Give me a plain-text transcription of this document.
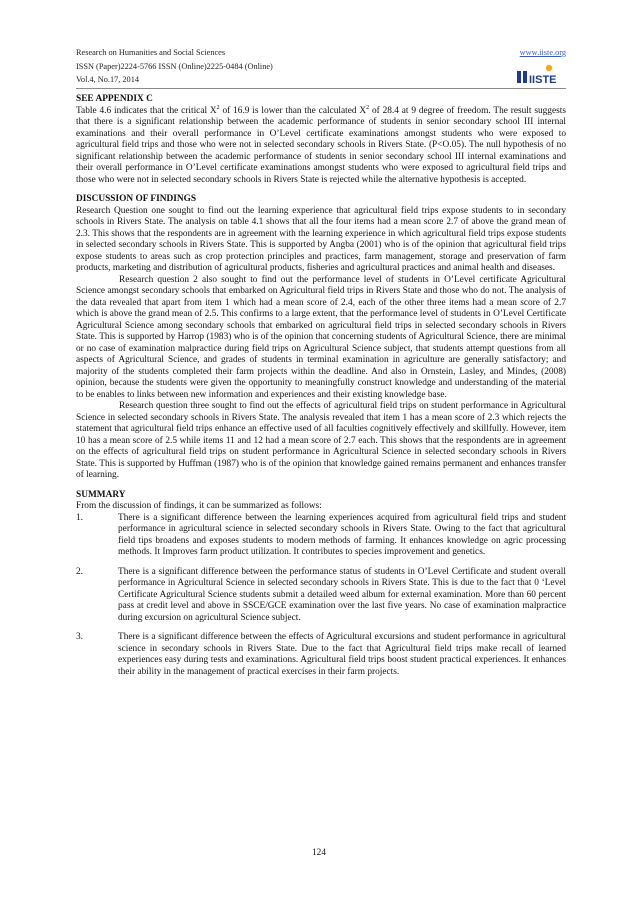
Research on Humanities and Social Sciences
ISSN (Paper)2224-5766 ISSN (Online)2225-0484 (Online)
Vol.4, No.17, 2014
www.iiste.org
IISTE

SEE APPENDIX C

Table 4.6 indicates that the critical $X^2$ of 16.9 is lower than the calculated $X^2$ of 28.4 at 9 degree of freedom. The result suggests that there is a significant relationship between the academic performance of students in senior secondary school III internal examinations and their overall performance in O’Level certificate examinations amongst students who were exposed to agricultural field trips and those who were not in selected secondary schools in Rivers State. (P<O.05). The null hypothesis of no significant relationship between the academic performance of students in senior secondary school III internal examinations and their overall performance in O’Level certificate examinations amongst students who were exposed to agricultural field trips and those who were not in selected secondary schools in Rivers State is rejected while the alternative hypothesis is accepted.

DISCUSSION OF FINDINGS

Research Question one sought to find out the learning experience that agricultural field trips expose students to in secondary schools in Rivers State. The analysis on table 4.1 shows that all the four items had a mean score 2.7 of above the grand mean of 2.3. This shows that the respondents are in agreement with the learning experience in which agricultural field trips expose students in selected secondary schools in Rivers State. This is supported by Angba (2001) who is of the opinion that agricultural field trips expose students to areas such as crop protection principles and practices, farm management, storage and preservation of farm products, marketing and distribution of agricultural products, fisheries and agricultural practices and animal health and diseases.

Research question 2 also sought to find out the performance level of students in O’Level certificate Agricultural Science amongst secondary schools that embarked on Agricultural field trips in Rivers State and those who do not. The analysis of the data revealed that apart from item 1 which had a mean score of 2.4, each of the other three items had a mean score of 2.7 which is above the grand mean of 2.5. This confirms to a large extent, that the performance level of students in O’Level Certificate Agricultural Science among secondary schools that embarked on agricultural field trips in selected secondary schools in Rivers State. This is supported by Harrop (1983) who is of the opinion that concerning students of Agricultural Science, there are minimal or no case of examination malpractice during field trips on Agricultural Science subject, that students attempt questions from all aspects of Agricultural Science, and grades of students in terminal examination in agriculture are generally satisfactory; and majority of the students completed their farm projects within the deadline. And also in Ornstein, Lasley, and Mindes, (2008) opinion, because the students were given the opportunity to meaningfully construct knowledge and understanding of the material to be enables to links between new information and experiences and their existing knowledge base.

Research question three sought to find out the effects of agricultural field trips on student performance in Agricultural Science in selected secondary schools in Rivers State. The analysis revealed that item 1 has a mean score of 2.3 which rejects the statement that agricultural field trips enhance an effective used of all faculties cognitively effectively and skillfully. However, item 10 has a mean score of 2.5 while items 11 and 12 had a mean score of 2.7 each. This shows that the respondents are in agreement on the effects of agricultural field trips on student performance in Agricultural Science in selected secondary schools in Rivers State. This is supported by Huffman (1987) who is of the opinion that knowledge gained remains permanent and enhances transfer of learning.

SUMMARY

From the discussion of findings, it can be summarized as follows:

1.	There is a significant difference between the learning experiences acquired from agricultural field trips and student performance in agricultural science in selected secondary schools in Rivers State. Owing to the fact that agricultural field tips broadens and exposes students to modern methods of farming. It enhances knowledge on agric processing methods. It Improves farm product utilization. It contributes to species improvement and genetics.
2.	There is a significant difference between the performance status of students in O’Level Certificate and student overall performance in Agricultural Science in selected secondary schools in Rivers State. This is due to the fact that 0 ‘Level Certificate Agricultural Science students submit a detailed weed album for external examination. More than 60 percent pass at credit level and above in SSCE/GCE examination over the last five years. No case of examination malpractice during excursion on agricultural Science subject.
3.	There is a significant difference between the effects of Agricultural excursions and student performance in agricultural science in secondary schools in Rivers State. Due to the fact that Agricultural field trips make recall of learned experiences easy during tests and examinations. Agricultural field trips boost student practical experiences. It enhances their ability in the management of practical exercises in their farm projects.
124
